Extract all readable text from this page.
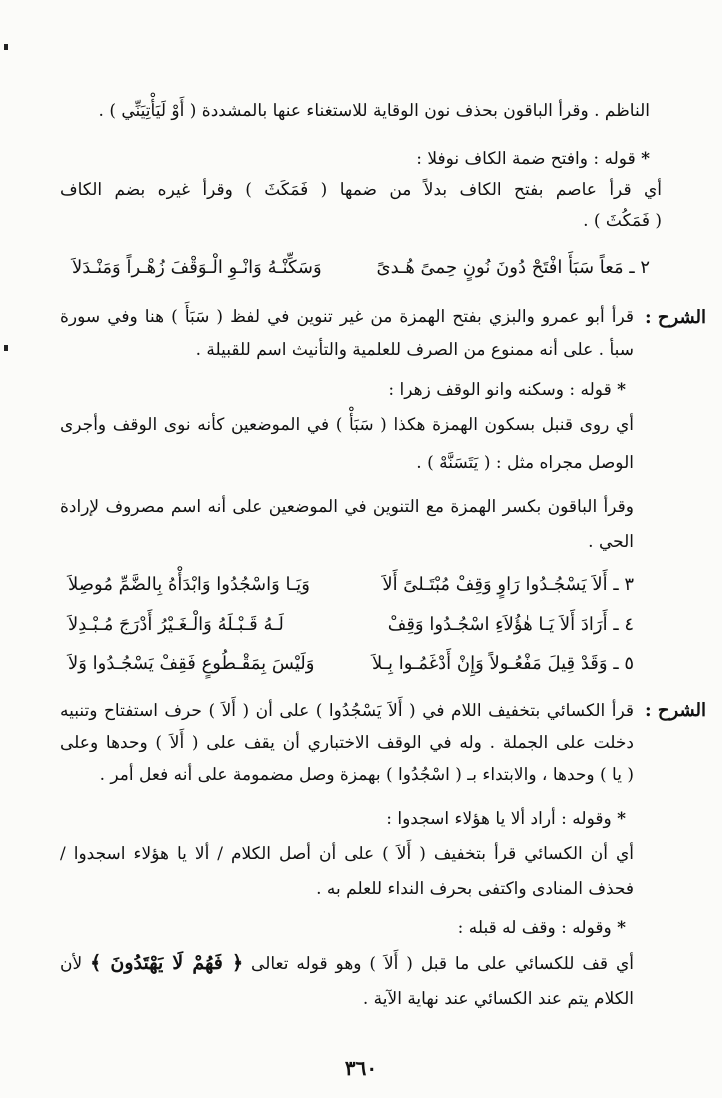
الناظم . وقرأ الباقون بحذف نون الوقاية للاستغناء عنها بالمشددة ( أَوْ لَيَأْتِيَنِّي ) .
* قوله : وافتح ضمة الكاف نوفلا :
أي قرأ عاصم بفتح الكاف بدلاً من ضمها ( فَمَكَثَ ) وقرأ غيره بضم الكاف
( فَمَكُثَ ) .
٢ ـ مَعاً سَبَأَ افْتَحْ دُونَ نُونٍ حِمىً هُـدىً
وَسَكِّنْـهُ وَانْـوِ الْـوَقْفَ زُهْـراً وَمَنْـدَلاَ
الشرح :
قرأ أبو عمرو والبزي بفتح الهمزة من غير تنوين في لفظ ( سَبَأَ ) هنا وفي سورة
سبأ . على أنه ممنوع من الصرف للعلمية والتأنيث اسم للقبيلة .
* قوله : وسكنه وانو الوقف زهرا :
أي روى قنبل بسكون الهمزة هكذا ( سَبَأْ ) في الموضعين كأنه نوى الوقف وأجرى
الوصل مجراه مثل : ( يَتَسَنَّهْ ) .
وقرأ الباقون بكسر الهمزة مع التنوين في الموضعين على أنه اسم مصروف لإرادة
الحي .
٣ ـ أَلاَ يَسْجُـدُوا رَاوٍ وَقِفْ مُبْتَـلىً أَلاَ
وَيَـا وَاسْجُدُوا وَابْدَأْهُ بِالضَّمِّ مُوصِلاَ
٤ ـ أَرَادَ أَلاَ يَـا هٰؤُلاَءِ اسْجُـدُوا وَقِفْ
لَـهُ قَـبْـلَهُ وَالْـغَـيْرُ أَدْرَجَ مُـبْـدِلاَ
٥ ـ وَقَدْ قِيلَ مَفْعُـولاً وَإِنْ أَدْغَمُـوا بِـلاَ
وَلَيْسَ بِمَقْـطُوعٍ فَقِفْ يَسْجُـدُوا وَلاَ
الشرح :
قرأ الكسائي بتخفيف اللام في ( أَلاَ يَسْجُدُوا ) على أن ( أَلاَ ) حرف استفتاح وتنبيه
دخلت على الجملة . وله في الوقف الاختباري أن يقف على ( أَلاَ ) وحدها وعلى
( يا ) وحدها ، والابتداء بـ ( اسْجُدُوا ) بهمزة وصل مضمومة على أنه فعل أمر .
* وقوله : أراد ألا يا هؤلاء اسجدوا :
أي أن الكسائي قرأ بتخفيف ( أَلاَ ) على أن أصل الكلام / ألا يا هؤلاء اسجدوا /
فحذف المنادى واكتفى بحرف النداء للعلم به .
* وقوله : وقف له قبله :
أي قف للكسائي على ما قبل ( أَلاَ ) وهو قوله تعالى ﴿ فَهُمْ لَا يَهْتَدُونَ ﴾ لأن
الكلام يتم عند الكسائي عند نهاية الآية .
٣٦٠
